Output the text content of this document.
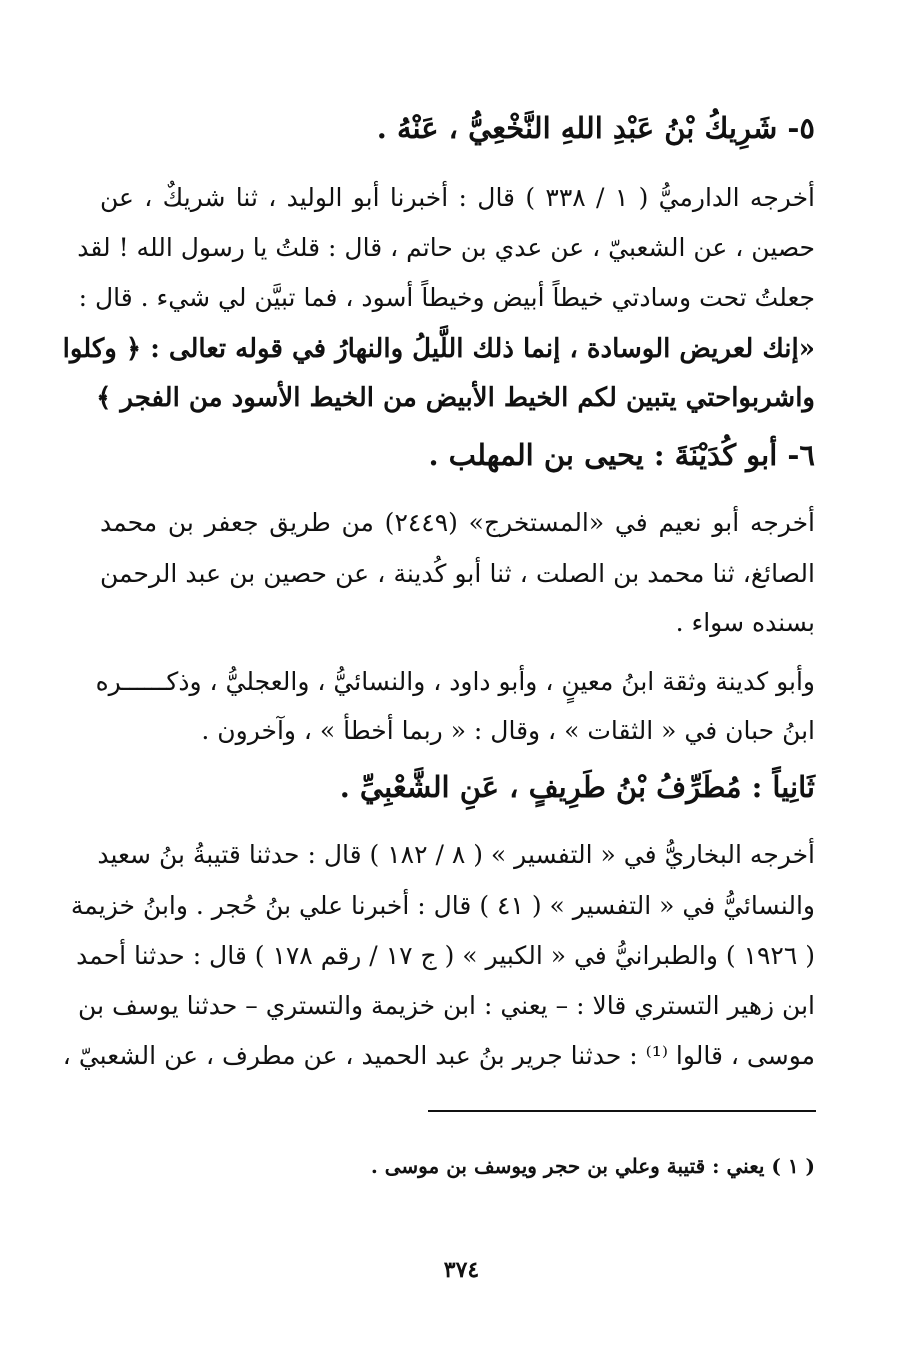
٥- شَرِيكُ بْنُ عَبْدِ اللهِ النَّخْعِيُّ ، عَنْهُ .
أخرجه الدارميُّ ( ١ / ٣٣٨ ) قال : أخبرنا أبو الوليد ، ثنا شريكٌ ، عن
حصين ، عن الشعبيّ ، عن عدي بن حاتم ، قال : قلتُ يا رسول الله ! لقد
جعلتُ تحت وسادتي خيطاً أبيض وخيطاً أسود ، فما تبيَّن لي شيء . قال :
«إنك لعريض الوسادة ، إنما ذلك اللَّيلُ والنهارُ في قوله تعالى : ﴿ وكلوا
واشربواحتي يتبين لكم الخيط الأبيض من الخيط الأسود من الفجر ﴾
٦- أبو كُدَيْنَةَ : يحيى بن المهلب .
أخرجه أبو نعيم في «المستخرج» (٢٤٤٩) من طريق جعفر بن محمد
الصائغ، ثنا محمد بن الصلت ، ثنا أبو كُدينة ، عن حصين بن عبد الرحمن
بسنده سواء .
وأبو كدينة وثقة ابنُ معينٍ ، وأبو داود ، والنسائيُّ ، والعجليُّ ، وذكــــــره
ابنُ حبان في « الثقات » ، وقال : « ربما أخطأ » ، وآخرون .
ثَانِياً : مُطَرِّفُ بْنُ طَرِيفٍ ، عَنِ الشَّعْبِيِّ .
أخرجه البخاريُّ في « التفسير » ( ٨ / ١٨٢ ) قال : حدثنا قتيبةُ بنُ سعيد
والنسائيُّ في « التفسير » ( ٤١ ) قال : أخبرنا علي بنُ حُجر . وابنُ خزيمة
( ١٩٢٦ ) والطبرانيُّ في « الكبير » ( ج ١٧ / رقم ١٧٨ ) قال : حدثنا أحمد
ابن زهير التستري قالا : – يعني : ابن خزيمة والتستري – حدثنا يوسف بن
موسى ، قالوا ⁽¹⁾ : حدثنا جرير بنُ عبد الحميد ، عن مطرف ، عن الشعبيّ ،
( ١ ) يعني : قتيبة وعلي بن حجر ويوسف بن موسى .
٣٧٤
